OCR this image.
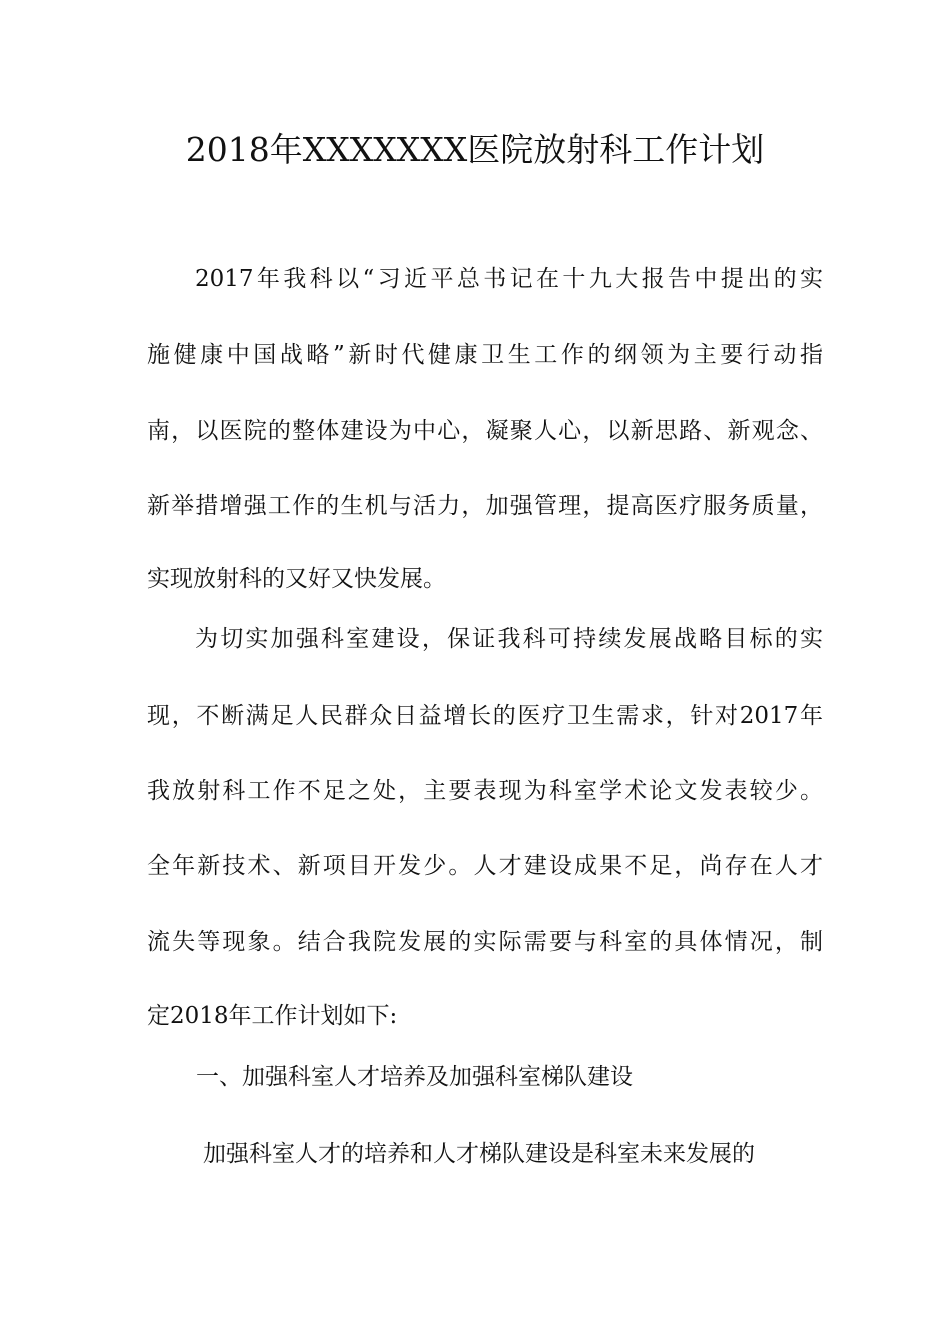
2018年XXXXXXX医院放射科工作计划
2017年我科以“习近平总书记在十九大报告中提出的实
施健康中国战略”新时代健康卫生工作的纲领为主要行动指
南，以医院的整体建设为中心，凝聚人心，以新思路、新观念、
新举措增强工作的生机与活力，加强管理，提高医疗服务质量，
实现放射科的又好又快发展。
为切实加强科室建设，保证我科可持续发展战略目标的实
现，不断满足人民群众日益增长的医疗卫生需求，针对2017年
我放射科工作不足之处，主要表现为科室学术论文发表较少。
全年新技术、新项目开发少。人才建设成果不足，尚存在人才
流失等现象。结合我院发展的实际需要与科室的具体情况，制
定2018年工作计划如下:
一、加强科室人才培养及加强科室梯队建设
加强科室人才的培养和人才梯队建设是科室未来发展的
